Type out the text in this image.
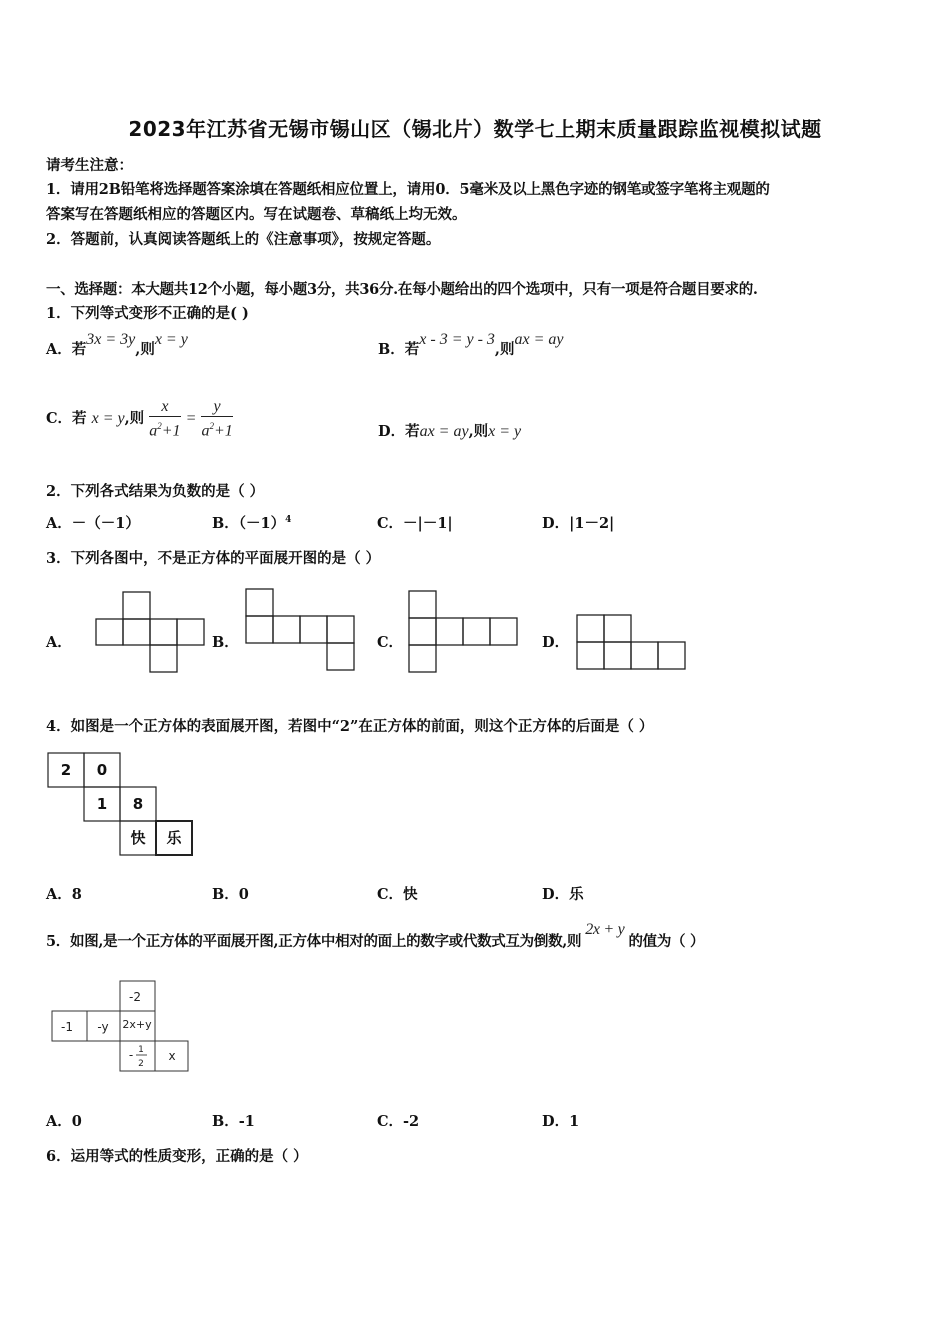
2023年江苏省无锡市锡山区（锡北片）数学七上期末质量跟踪监视模拟试题
请考生注意：
1．请用2B铅笔将选择题答案涂填在答题纸相应位置上，请用0．5毫米及以上黑色字迹的钢笔或签字笔将主观题的
答案写在答题纸相应的答题区内。写在试题卷、草稿纸上均无效。
2．答题前，认真阅读答题纸上的《注意事项》，按规定答题。
一、选择题：本大题共12个小题，每小题3分，共36分.在每小题给出的四个选项中，只有一项是符合题目要求的.
1．下列等式变形不正确的是( )
A．若3x = 3y,则x = y
B．若x - 3 = y - 3,则ax = ay
C．若 x = y,则 $\frac{x}{a^2+1} = \frac{y}{a^2+1}$	D．若ax = ay,则x = y
2．下列各式结果为负数的是（ ）
A．－（－1）	B．$(-1)^4$	C．－|－1|	D．|1－2|
3．下列各图中，不是正方体的平面展开图的是（ ）
A．	B．	C．	D．
4．如图是一个正方体的表面展开图，若图中“2”在正方体的前面，则这个正方体的后面是（ ）
2 0
1 8
快 乐
A．8	B．0	C．快	D．乐
5．如图,是一个正方体的平面展开图,正方体中相对的面上的数字或代数式互为倒数,则2x + y的值为（ ）
-2
-1 -y 2x+y
- 1
2
x
A．0	B．-1	C．-2	D．1
6．运用等式的性质变形，正确的是（ ）
